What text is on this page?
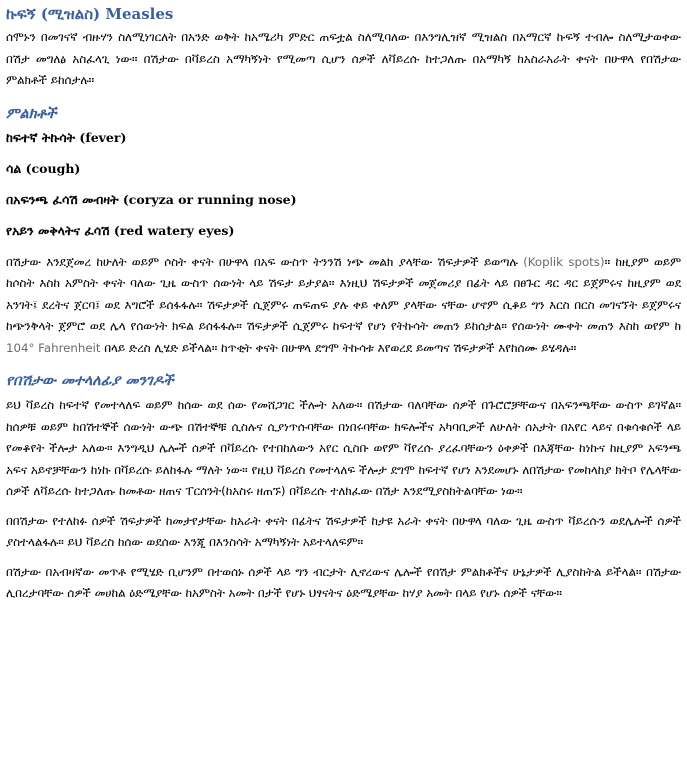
ኩፍኝ (ሚዝልስ) Measles

ሰሞኑን በመገናኛ ብዙሃን ስለሚነገርለት በአንድ ወቅት ከአሜሪካ ምድር ጠፍቷል ስለሚባለው በእንግሊዝኛ ሚዝልስ በአማርኛ ኩፍኝ ተብሎ ስለሚታወቀው በሽታ መግለፅ አስፈላጊ ነው። በሽታው በቫይረስ አማካኝነት የሚመጣ ሲሆን ሰዎች ለቫይረሱ ከተጋለጡ በአማካኝ ከአስራአራት ቀናት በሁዋላ የበሽታው ምልክቶች ይከሰታሉ።

ምልክቶች
ከፍተኛ ትኩሳት (fever)
ሳል (cough)
በአፍንጫ ፈሳሽ መብዛት (coryza or running nose)
የአይን መቅላትና ፈሳሽ (red watery eyes)

በሽታው እንደጀመረ ከሁለት ወይም ሶስት ቀናት በሁዋላ በአፍ ውስጥ ትንንሽ ነጭ መልክ ያላቸው ሽፍታዎች ይወጣሉ (Koplik spots)። ከዚያም ወይም ከሶስት እስከ አምስት ቀናት ባለው ጊዜ ውስጥ ሰውነት ላይ ሽፍታ ይታያል። እነዚህ ሽፍታዎች መጀመሪያ በፊት ላይ በፀጉር ዳር ዳር ይጀምሩና ከዚያም ወደ አንገት፤ ደረትና ጀርባ፤ ወደ እግሮች ይሰፋፋሉ። ሽፍታዎች ሲጀምሩ ጠፍጠፍ ያሉ ቀይ ቀለም ያላቸው ናቸው ሆኖም ሲቆይ ግን እርስ በርስ መገናኘት ይጀምሩና ከጭንቅላት ጀምሮ ወደ ሌላ የሰውነት ክፍል ይሰፋፋሉ። ሽፍታዎች ሲጀምሩ ከፍተኛ የሆነ የትኩሳት መጠን ይከሰታል። የሰውነት ሙቀት መጠን እስከ ወየም ከ 104° Fahrenheit በላይ ድረስ ሊሄድ ይችላል። ከጥቂት ቀናት በሁዋላ ደግሞ ትኩሳቱ እየወረደ ይመጣና ሽፍታዎች እየከሰሙ ይሄዳሉ።

የበሽታው መተላለፊያ መንገዶች

ይህ ቫይረስ ከፍተኛ የመተላለፍ ወይም ከሰው ወደ ሰው የመሸጋገር ችሎት አለው። በሽታው ባለባቸው ሰዎች በጉሮሮቻቸውና በአፍንጫቸው ውስጥ ይገኛል። ከሰዎቹ ወይም ከበሽተኞች ሰውነት ውጭ በሽተኞቹ ሲስሉና ሲያነጥሱባቸው በነበሩባቸው ክፍሎችና አካባቢዎች ለሁለት ሰአታት በአየር ላይና በቁሳቁሶች ላይ የመቆየት ችሎታ አለው። እንግዲህ ሌሎች ሰዎች በቫይረሱ የተበከለውን አየር ሲስቡ ወየም ቫየረሱ ያረፈባቸውን ዕቀዎች በእጃቸው ከነኩና ከዚያም አፍንጫ አፍና አይኖቻቸውን ከነኩ በቫይረሱ ይለከፋሉ ማለት ነው። የዚህ ቫይረስ የመተላለፍ ችሎታ ደግሞ ከፍተኛ የሆነ እንደመሆኑ ለበሽታው የመከላከያ ክትቦ የሌላቸው ሰዎች ለቫይረሱ ከተጋለጡ ከመቶው ዘጠና ፐርሰንት(ከአስሩ ዘጠኙ) በቫይረሱ ተለክፈው በሽታ እንደሚያስከትልባቸው ነው።

በበሽታው የተለከፉ ሰዎች ሽፍታዎች ከመታየታቸው ከአራት ቀናት በፊትና ሽፍታዎች ከታዩ አራት ቀናት በሁዋላ ባለው ጊዜ ውስጥ ቫይረሱን ወደሌሎች ሰዎች ያስተላልፋሉ። ይህ ቫይረስ ከሰው ወደሰው እንጂ በእንስሳት አማካኝነት አይተላለፍም።

በሽታው በአብዛኛው መጥቶ የሚሄድ ቢሆንም በተወሰኑ ሰዎች ላይ ግን ብርታት ሊኖረውና ሌሎች የበሽታ ምልክቶችና ሁኔታዎች ሊያስከትል ይችላል። በሽታው ሊበረታባቸው ሰዎች መሀከል ዕድሜያቸው ከአምስት አመት በታች የሆኑ ህፃናትና ዕድሜያቸው ከሃያ አመት በላይ የሆኑ ሰዎች ናቸው።
